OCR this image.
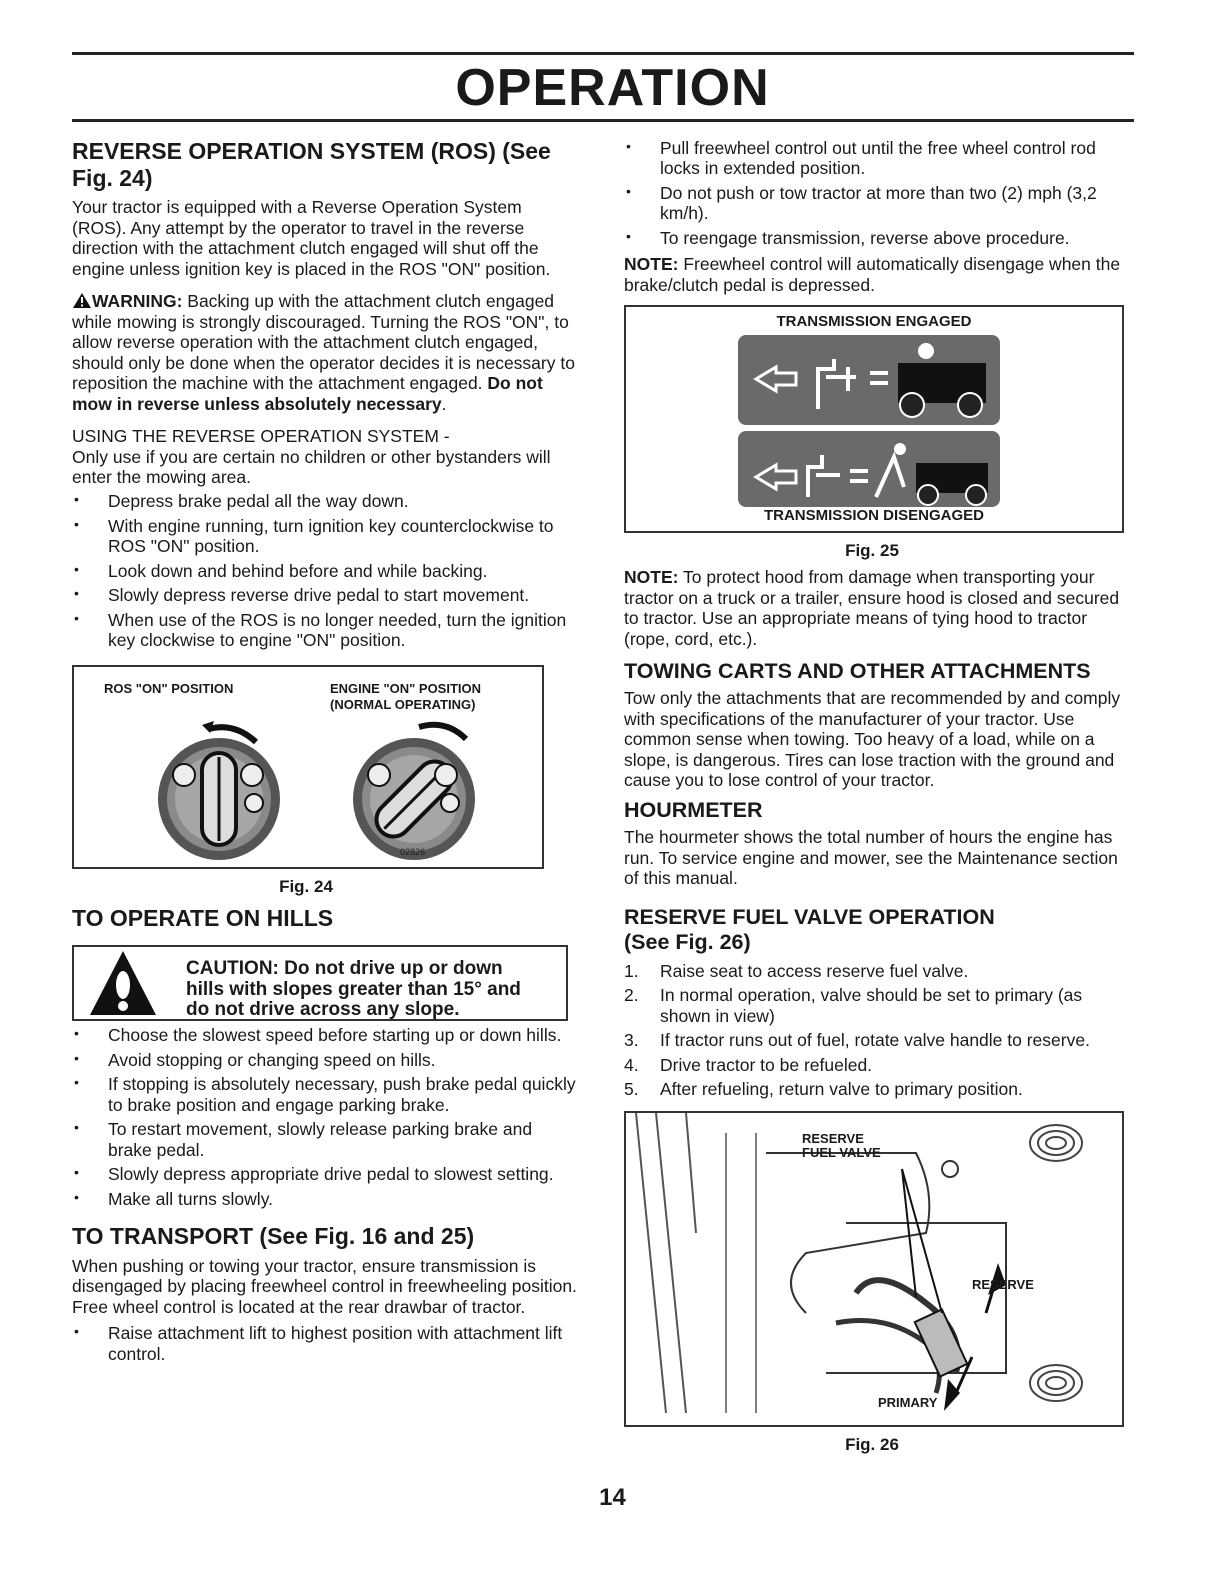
OPERATION
REVERSE OPERATION SYSTEM (ROS) (See Fig. 24)

Your tractor is equipped with a Reverse Operation System (ROS). Any attempt by the operator to travel in the reverse direction with the attachment clutch engaged will shut off the engine unless ignition key is placed in the ROS "ON" position.

WARNING: Backing up with the attachment clutch engaged while mowing is strongly discouraged. Turning the ROS "ON", to allow reverse operation with the attachment clutch engaged, should only be done when the operator decides it is necessary to reposition the machine with the attachment engaged. Do not mow in reverse unless absolutely necessary.

USING THE REVERSE OPERATION SYSTEM -

Only use if you are certain no children or other bystanders will enter the mowing area.

• Depress brake pedal all the way down.
• With engine running, turn ignition key counterclockwise to ROS "ON" position.
• Look down and behind before and while backing.
• Slowly depress reverse drive pedal to start movement.
• When use of the ROS is no longer needed, turn the ignition key clockwise to engine "ON" position.
ROS "ON" POSITION	ENGINE "ON" POSITION
(NORMAL OPERATING)
02826
Fig. 24
TO OPERATE ON HILLS
CAUTION: Do not drive up or down
hills with slopes greater than 15° and
do not drive across any slope.
• Choose the slowest speed before starting up or down hills.
• Avoid stopping or changing speed on hills.
• If stopping is absolutely necessary, push brake pedal quickly to brake position and engage parking brake.
• To restart movement, slowly release parking brake and brake pedal.
• Slowly depress appropriate drive pedal to slowest setting.
• Make all turns slowly.
TO TRANSPORT (See Fig. 16 and 25)

When pushing or towing your tractor, ensure transmission is disengaged by placing freewheel control in freewheeling position. Free wheel control is located at the rear drawbar of tractor.

• Raise attachment lift to highest position with attachment lift control.
• Pull freewheel control out until the free wheel control rod locks in extended position.
• Do not push or tow tractor at more than two (2) mph (3,2 km/h).
• To reengage transmission, reverse above procedure.

NOTE: Freewheel control will automatically disengage when the brake/clutch pedal is depressed.

TRANSMISSION ENGAGED
TRANSMISSION DISENGAGED
Fig. 25

NOTE: To protect hood from damage when transporting your tractor on a truck or a trailer, ensure hood is closed and secured to tractor. Use an appropriate means of tying hood to tractor (rope, cord, etc.).

TOWING CARTS AND OTHER ATTACHMENTS

Tow only the attachments that are recommended by and comply with specifications of the manufacturer of your tractor. Use common sense when towing. Too heavy of a load, while on a slope, is dangerous. Tires can lose traction with the ground and cause you to lose control of your tractor.

HOURMETER

The hourmeter shows the total number of hours the engine has run. To service engine and mower, see the Maintenance section of this manual.

RESERVE FUEL VALVE OPERATION
(See Fig. 26)
1. Raise seat to access reserve fuel valve.
2. In normal operation, valve should be set to primary (as shown in view)
3. If tractor runs out of fuel, rotate valve handle to reserve.
4. Drive tractor to be refueled.
5. After refueling, return valve to primary position.
RESERVE
FUEL VALVE
RESERVE
PRIMARY
Fig. 26
14
